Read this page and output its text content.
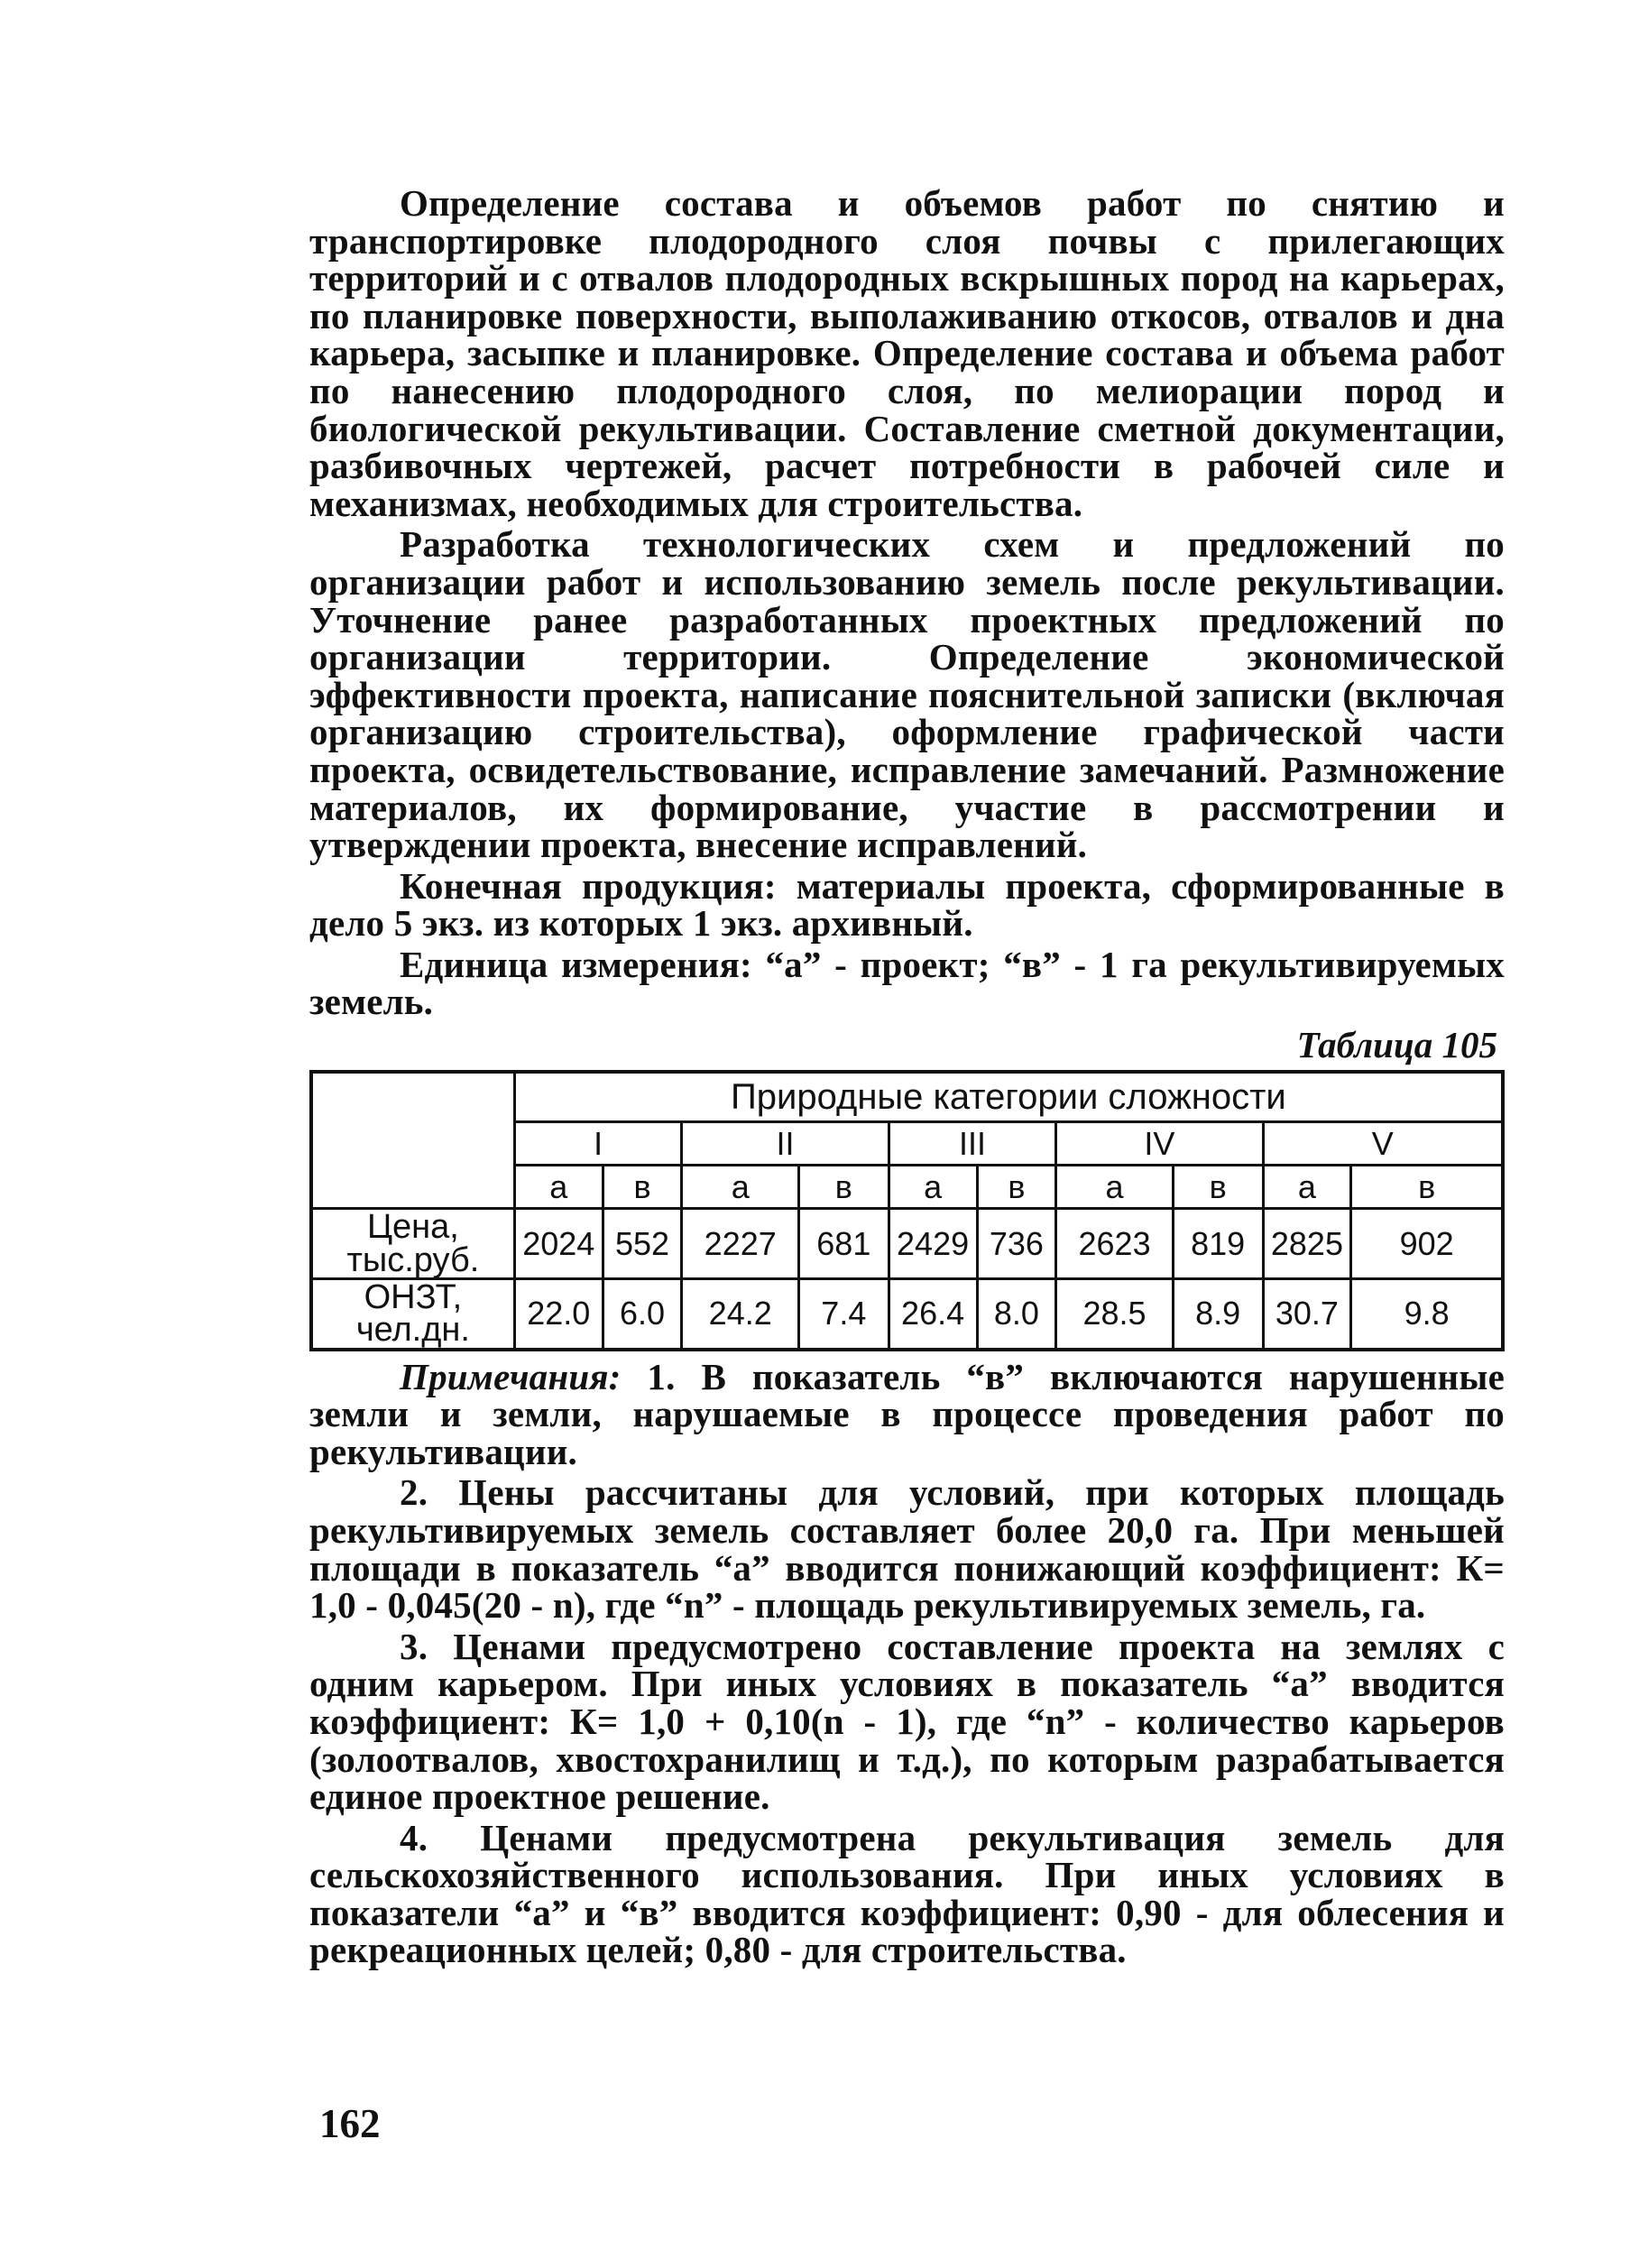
Определение состава и объемов работ по снятию и транспортировке плодородного слоя почвы с прилегающих территорий и с отвалов плодородных вскрышных пород на карьерах, по планировке поверхности, выполаживанию откосов, отвалов и дна карьера, засыпке и планировке. Определение состава и объема работ по нанесению плодородного слоя, по мелиорации пород и биологической рекультивации. Составление сметной документации, разбивочных чертежей, расчет потребности в рабочей силе и механизмах, необходимых для строительства.

Разработка технологических схем и предложений по организации работ и использованию земель после рекультивации. Уточнение ранее разработанных проектных предложений по организации территории. Определение экономической эффективности проекта, написание пояснительной записки (включая организацию строительства), оформление графической части проекта, освидетельствование, исправление замечаний. Размножение материалов, их формирование, участие в рассмотрении и утверждении проекта, внесение исправлений.

Конечная продукция: материалы проекта, сформированные в дело 5 экз. из которых 1 экз. архивный.

Единица измерения: “а” - проект; “в” - 1 га рекультивируемых земель.

Таблица 105
	Природные категории сложности									
	I		II		III		IV		V	
	а	в	а	в	а	в	а	в	а	в

Цена,
тыс.руб.	2024	552	2227	681	2429	736	2623	819	2825	902

ОНЗТ,
чел.дн.	22.0	6.0	24.2	7.4	26.4	8.0	28.5	8.9	30.7	9.8

Примечания: 1. В показатель “в” включаются нарушенные земли и земли, нарушаемые в процессе проведения работ по рекультивации.

2. Цены рассчитаны для условий, при которых площадь рекультивируемых земель составляет более 20,0 га. При меньшей площади в показатель “а” вводится понижающий коэффициент: К= 1,0 - 0,045(20 - n), где “n” - площадь рекультивируемых земель, га.

3. Ценами предусмотрено составление проекта на землях с одним карьером. При иных условиях в показатель “а” вводится коэффициент: К= 1,0 + 0,10(n - 1), где “n” - количество карьеров (золоотвалов, хвостохранилищ и т.д.), по которым разрабатывается единое проектное решение.

4. Ценами предусмотрена рекультивация земель для сельскохозяйственного использования. При иных условиях в показатели “а” и “в” вводится коэффициент: 0,90 - для облесения и рекреационных целей; 0,80 - для строительства.

162
